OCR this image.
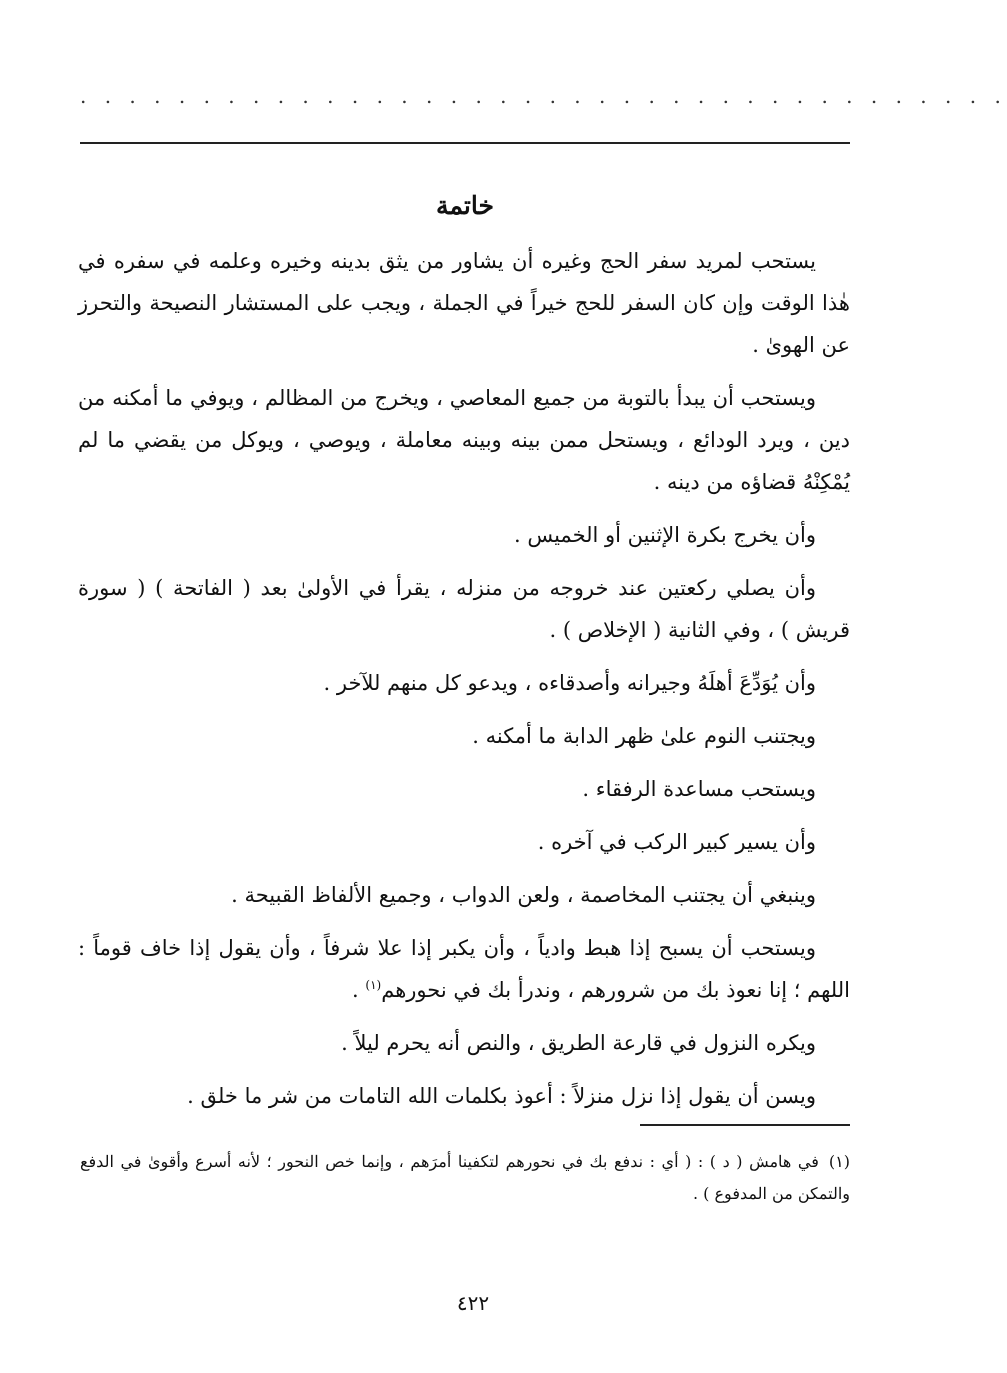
. . . . . . . . . . . . . . . . . . . . . . . . . . . . . . . . . . . . . .
خاتمة

يستحب لمريد سفر الحج وغيره أن يشاور من يثق بدينه وخيره وعلمه في سفره في هٰذا الوقت وإن كان السفر للحج خيراً في الجملة ، ويجب على المستشار النصيحة والتحرز عن الهوىٰ .

ويستحب أن يبدأ بالتوبة من جميع المعاصي ، ويخرج من المظالم ، ويوفي ما أمكنه من دين ، ويرد الودائع ، ويستحل ممن بينه وبينه معاملة ، ويوصي ، ويوكل من يقضي ما لم يُمْكِنْهُ قضاؤه من دينه .

وأن يخرج بكرة الإثنين أو الخميس .

وأن يصلي ركعتين عند خروجه من منزله ، يقرأ في الأولىٰ بعد ( الفاتحة ) ( سورة قريش ) ، وفي الثانية ( الإخلاص ) .

وأن يُوَدِّعَ أهلَهُ وجيرانه وأصدقاءه ، ويدعو كل منهم للآخر .

ويجتنب النوم علىٰ ظهر الدابة ما أمكنه .

ويستحب مساعدة الرفقاء .

وأن يسير كبير الركب في آخره .

وينبغي أن يجتنب المخاصمة ، ولعن الدواب ، وجميع الألفاظ القبيحة .

ويستحب أن يسبح إذا هبط وادياً ، وأن يكبر إذا علا شرفاً ، وأن يقول إذا خاف قوماً : اللهم ؛ إنا نعوذ بك من شرورهم ، وندرأ بك في نحورهم$^{(١)}$ .

ويكره النزول في قارعة الطريق ، والنص أنه يحرم ليلاً .

ويسن أن يقول إذا نزل منزلاً : أعوذ بكلمات الله التامات من شر ما خلق .

(١)في هامش ( د ) : ( أي : ندفع بك في نحورهم لتكفينا أمرَهم ، وإنما خص النحور ؛ لأنه أسرع وأقوىٰ في الدفع والتمكن من المدفوع ) .
٤٢٢
